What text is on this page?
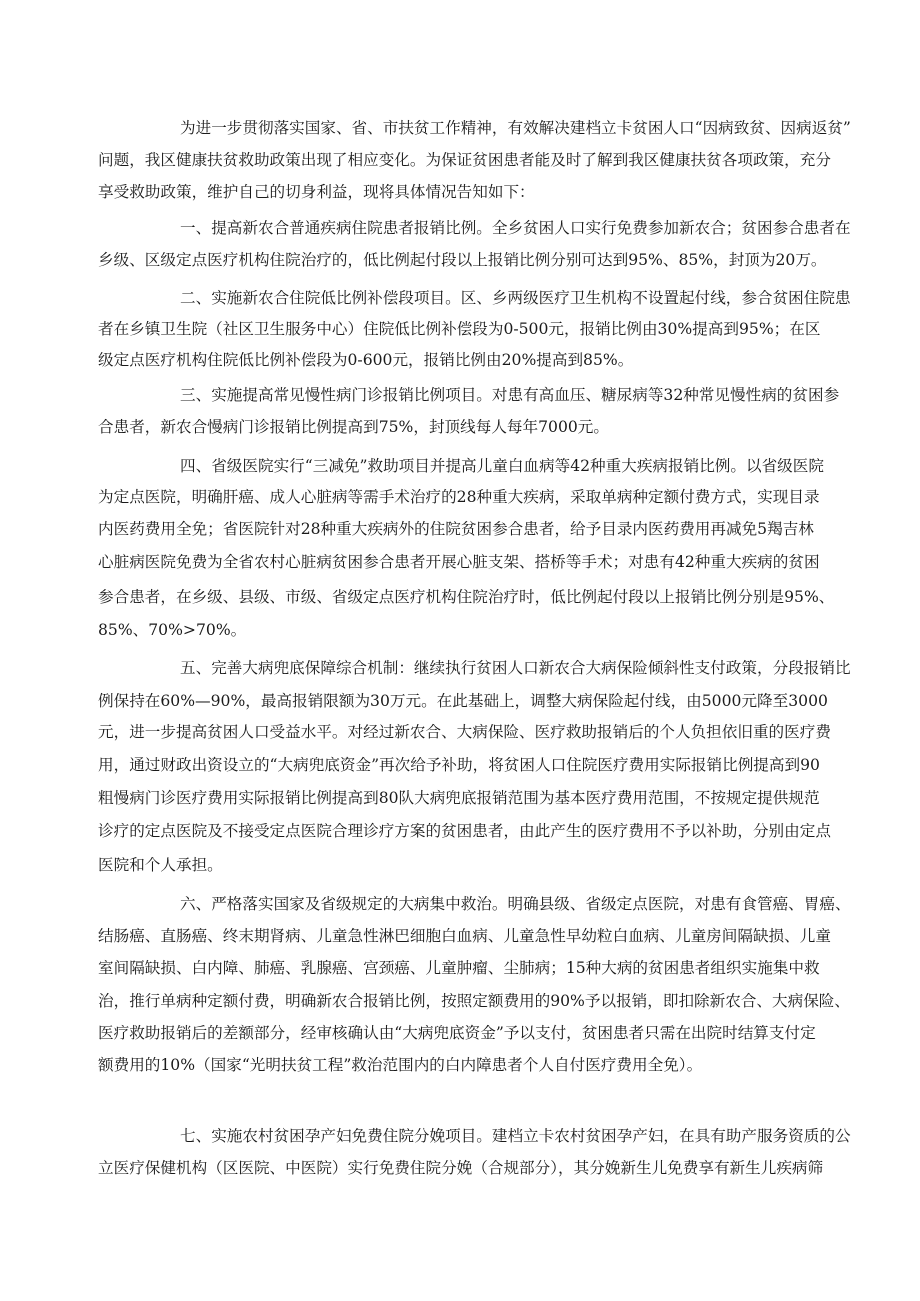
为进一步贯彻落实国家、省、市扶贫工作精神，有效解决建档立卡贫困人口“因病致贫、因病返贫”
问题，我区健康扶贫救助政策出现了相应变化。为保证贫困患者能及时了解到我区健康扶贫各项政策，充分
享受救助政策，维护自己的切身利益，现将具体情况告知如下：
一、提高新农合普通疾病住院患者报销比例。全乡贫困人口实行免费参加新农合；贫困参合患者在
乡级、区级定点医疗机构住院治疗的，低比例起付段以上报销比例分别可达到95%、85%，封顶为20万。
二、实施新农合住院低比例补偿段项目。区、乡两级医疗卫生机构不设置起付线，参合贫困住院患
者在乡镇卫生院（社区卫生服务中心）住院低比例补偿段为0-500元，报销比例由30%提高到95%；在区
级定点医疗机构住院低比例补偿段为0-600元，报销比例由20%提高到85%。
三、实施提高常见慢性病门诊报销比例项目。对患有高血压、糖尿病等32种常见慢性病的贫困参
合患者，新农合慢病门诊报销比例提高到75%，封顶线每人每年7000元。
四、省级医院实行“三减免”救助项目并提高儿童白血病等42种重大疾病报销比例。以省级医院
为定点医院，明确肝癌、成人心脏病等需手术治疗的28种重大疾病，采取单病种定额付费方式，实现目录
内医药费用全免；省医院针对28种重大疾病外的住院贫困参合患者，给予目录内医药费用再减免5羯吉林
心脏病医院免费为全省农村心脏病贫困参合患者开展心脏支架、搭桥等手术；对患有42种重大疾病的贫困
参合患者，在乡级、县级、市级、省级定点医疗机构住院治疗时，低比例起付段以上报销比例分别是95%、
85%、70%>70%。
五、完善大病兜底保障综合机制：继续执行贫困人口新农合大病保险倾斜性支付政策，分段报销比
例保持在60%—90%，最高报销限额为30万元。在此基础上，调整大病保险起付线，由5000元降至3000
元，进一步提高贫困人口受益水平。对经过新农合、大病保险、医疗救助报销后的个人负担依旧重的医疗费
用，通过财政出资设立的“大病兜底资金”再次给予补助，将贫困人口住院医疗费用实际报销比例提高到90
粗慢病门诊医疗费用实际报销比例提高到80队大病兜底报销范围为基本医疗费用范围，不按规定提供规范
诊疗的定点医院及不接受定点医院合理诊疗方案的贫困患者，由此产生的医疗费用不予以补助，分别由定点
医院和个人承担。
六、严格落实国家及省级规定的大病集中救治。明确县级、省级定点医院，对患有食管癌、胃癌、
结肠癌、直肠癌、终末期肾病、儿童急性淋巴细胞白血病、儿童急性早幼粒白血病、儿童房间隔缺损、儿童
室间隔缺损、白内障、肺癌、乳腺癌、宫颈癌、儿童肿瘤、尘肺病；15种大病的贫困患者组织实施集中救
治，推行单病种定额付费，明确新农合报销比例，按照定额费用的90%予以报销，即扣除新农合、大病保险、
医疗救助报销后的差额部分，经审核确认由“大病兜底资金”予以支付，贫困患者只需在出院时结算支付定
额费用的10%（国家“光明扶贫工程”救治范围内的白内障患者个人自付医疗费用全免）。
七、实施农村贫困孕产妇免费住院分娩项目。建档立卡农村贫困孕产妇，在具有助产服务资质的公
立医疗保健机构（区医院、中医院）实行免费住院分娩（合规部分），其分娩新生儿免费享有新生儿疾病筛
